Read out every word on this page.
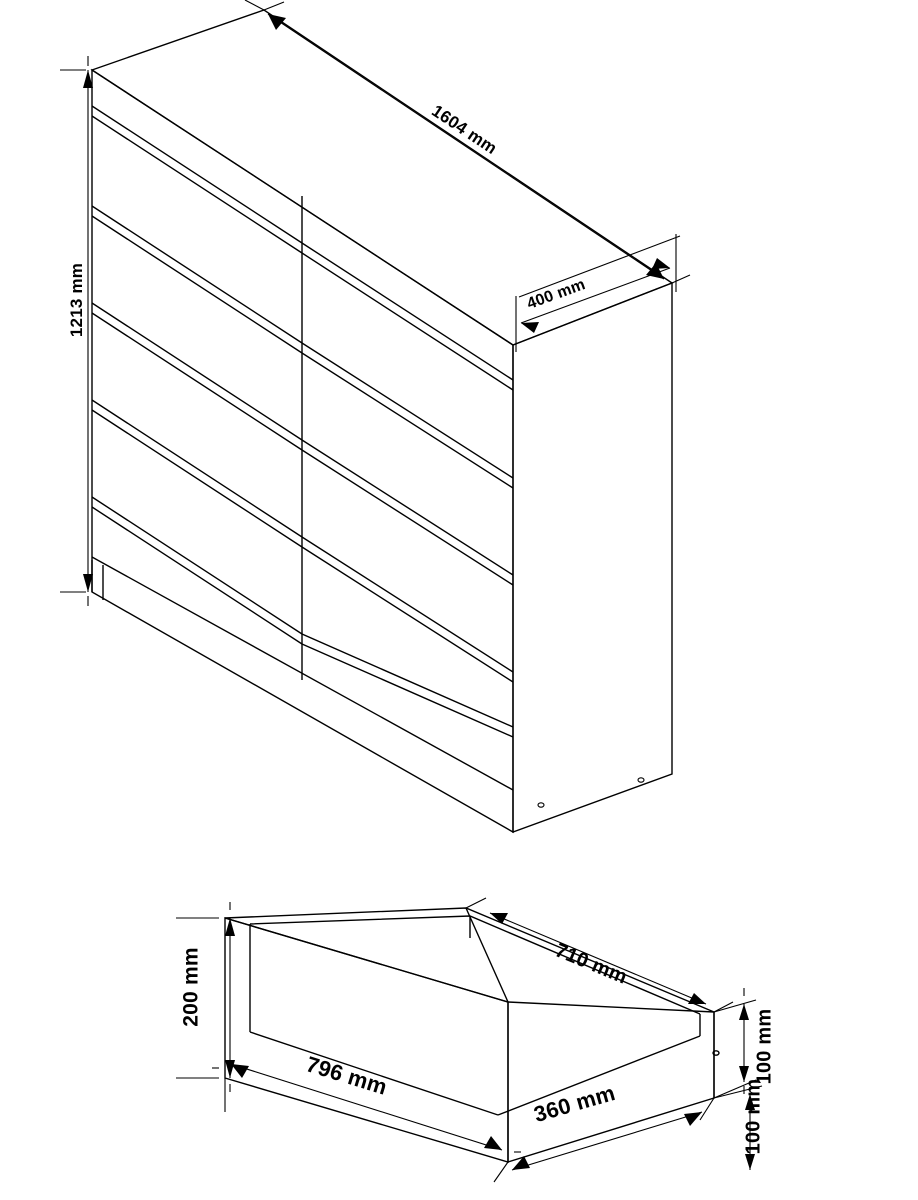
1604 mm
400 mm
1213 mm
200 mm	710 mm
100 mm
796 mm
360 mm	100 mm
